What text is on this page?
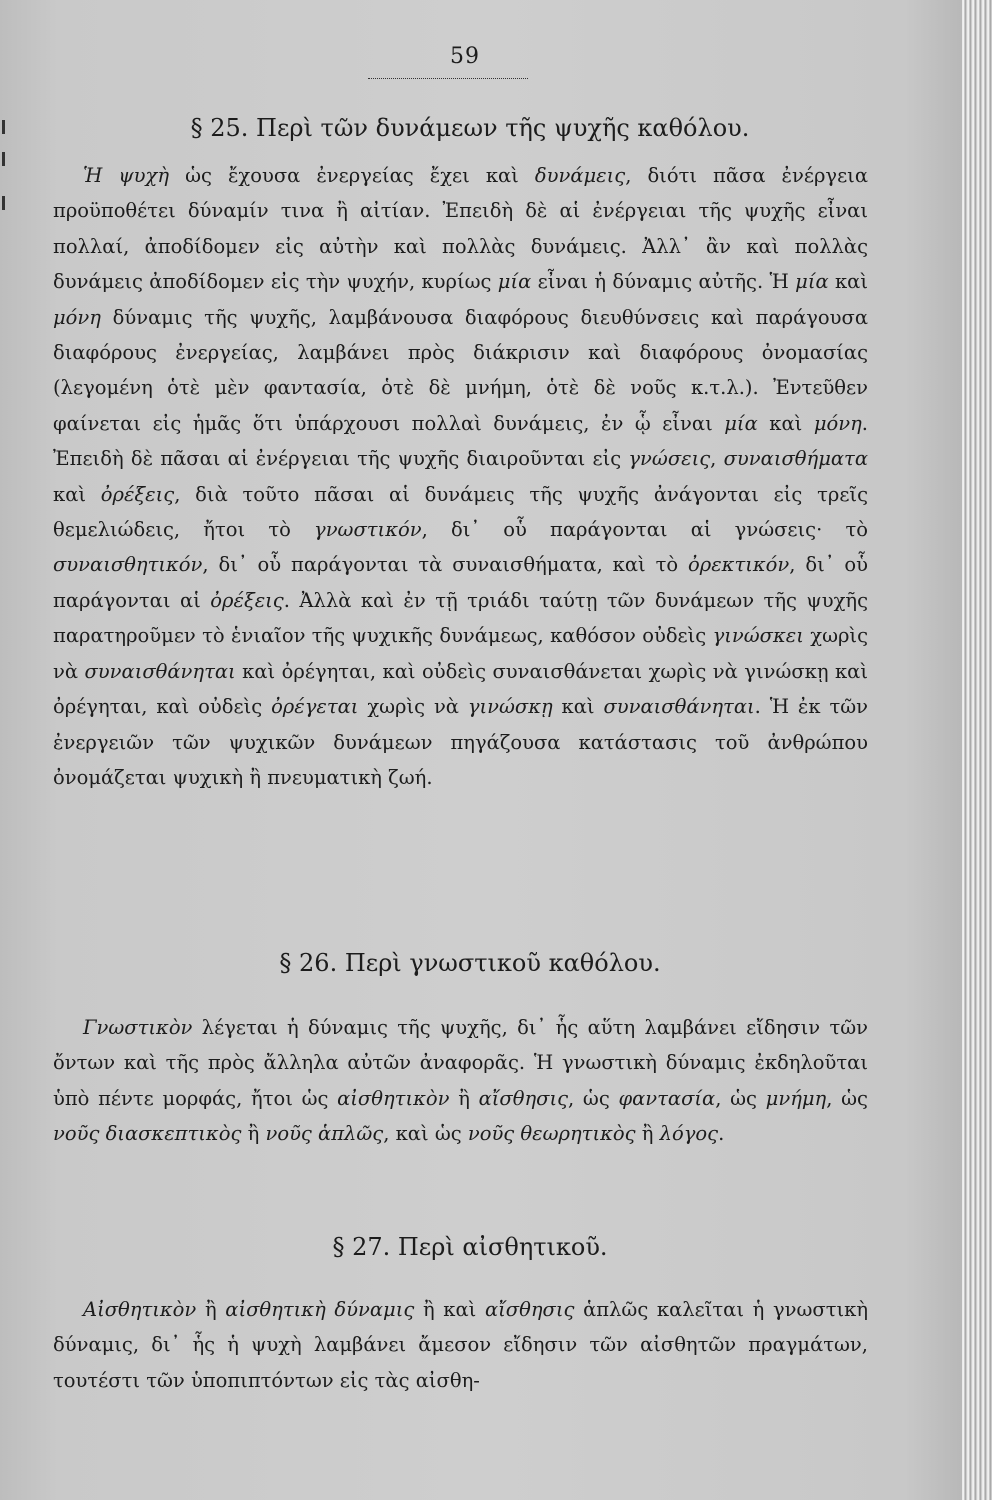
59
§ 25. Περὶ τῶν δυνάμεων τῆς ψυχῆς καθόλου.

Ἡ ψυχὴ ὡς ἔχουσα ἐνεργείας ἔχει καὶ δυνάμεις, διότι πᾶσα ἐνέργεια προϋποθέτει δύναμίν τινα ἢ αἰτίαν. Ἐπειδὴ δὲ αἱ ἐνέργειαι τῆς ψυχῆς εἶναι πολλαί, ἀποδίδομεν εἰς αὐτὴν καὶ πολλὰς δυνάμεις. Ἀλλ᾽ ἂν καὶ πολλὰς δυνάμεις ἀποδίδομεν εἰς τὴν ψυχήν, κυρίως μία εἶναι ἡ δύναμις αὐτῆς. Ἡ μία καὶ μόνη δύναμις τῆς ψυχῆς, λαμβάνουσα διαφόρους διευθύνσεις καὶ παράγουσα διαφόρους ἐνεργείας, λαμβάνει πρὸς διάκρισιν καὶ διαφόρους ὀνομασίας (λεγομένη ὁτὲ μὲν φαντασία, ὁτὲ δὲ μνήμη, ὁτὲ δὲ νοῦς κ.τ.λ.). Ἐντεῦθεν φαίνεται εἰς ἡμᾶς ὅτι ὑπάρχουσι πολλαὶ δυνάμεις, ἐν ᾧ εἶναι μία καὶ μόνη. Ἐπειδὴ δὲ πᾶσαι αἱ ἐνέργειαι τῆς ψυχῆς διαιροῦνται εἰς γνώσεις, συναισθήματα καὶ ὀρέξεις, διὰ τοῦτο πᾶσαι αἱ δυνάμεις τῆς ψυχῆς ἀνάγονται εἰς τρεῖς θεμελιώδεις, ἤτοι τὸ γνωστικόν, δι᾽ οὗ παράγονται αἱ γνώσεις· τὸ συναισθητικόν, δι᾽ οὗ παράγονται τὰ συναισθήματα, καὶ τὸ ὀρεκτικόν, δι᾽ οὗ παράγονται αἱ ὀρέξεις. Ἀλλὰ καὶ ἐν τῇ τριάδι ταύτῃ τῶν δυνάμεων τῆς ψυχῆς παρατηροῦμεν τὸ ἑνιαῖον τῆς ψυχικῆς δυνάμεως, καθόσον οὐδεὶς γινώσκει χωρὶς νὰ συναισθάνηται καὶ ὀρέγηται, καὶ οὐδεὶς συναισθάνεται χωρὶς νὰ γινώσκῃ καὶ ὀρέγηται, καὶ οὐδεὶς ὀρέγεται χωρὶς νὰ γινώσκῃ καὶ συναισθάνηται. Ἡ ἐκ τῶν ἐνεργειῶν τῶν ψυχικῶν δυνάμεων πηγάζουσα κατάστασις τοῦ ἀνθρώπου ὀνομάζεται ψυχικὴ ἢ πνευματικὴ ζωή.

§ 26. Περὶ γνωστικοῦ καθόλου.

Γνωστικὸν λέγεται ἡ δύναμις τῆς ψυχῆς, δι᾽ ἧς αὕτη λαμβάνει εἴδησιν τῶν ὄντων καὶ τῆς πρὸς ἄλληλα αὐτῶν ἀναφορᾶς. Ἡ γνωστικὴ δύναμις ἐκδηλοῦται ὑπὸ πέντε μορφάς, ἤτοι ὡς αἰσθητικὸν ἢ αἴσθησις, ὡς φαντασία, ὡς μνήμη, ὡς νοῦς διασκεπτικὸς ἢ νοῦς ἁπλῶς, καὶ ὡς νοῦς θεωρητικὸς ἢ λόγος.

§ 27. Περὶ αἰσθητικοῦ.

Αἰσθητικὸν ἢ αἰσθητικὴ δύναμις ἢ καὶ αἴσθησις ἁπλῶς καλεῖται ἡ γνωστικὴ δύναμις, δι᾽ ἧς ἡ ψυχὴ λαμβάνει ἄμεσον εἴδησιν τῶν αἰσθητῶν πραγμάτων, τουτέστι τῶν ὑποπιπτόντων εἰς τὰς αἰσθη-
